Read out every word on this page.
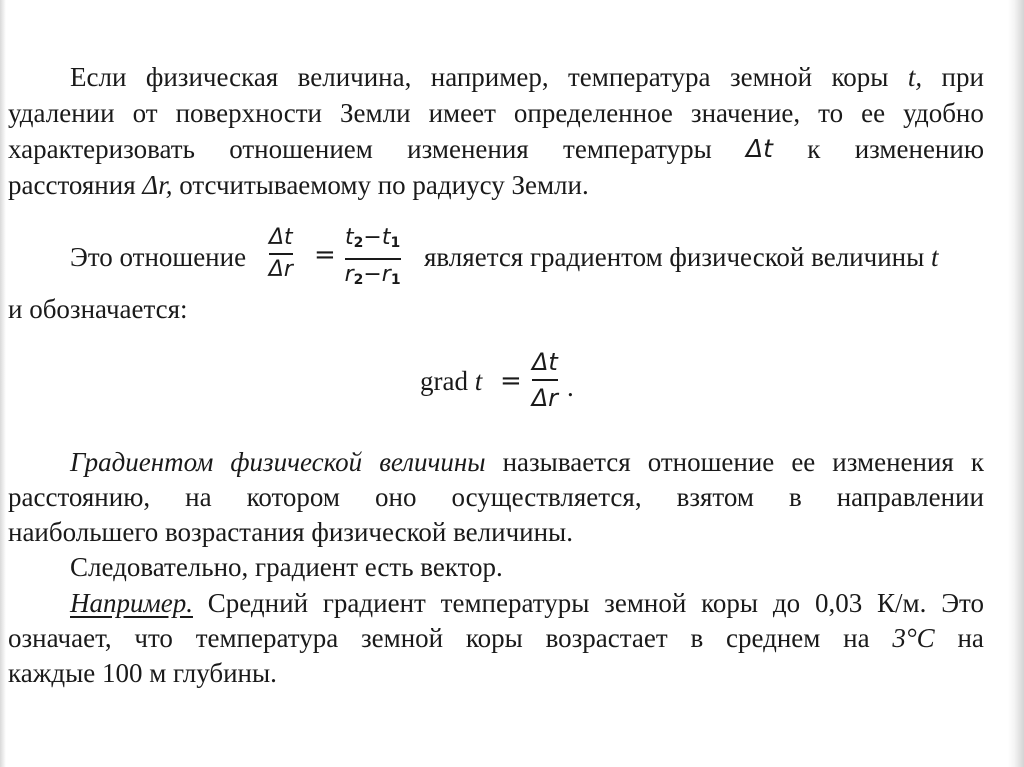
Если физическая величина, например, температура земной коры t, при
удалении от поверхности Земли имеет определенное значение, то ее удобно
характеризовать отношением изменения температуры Δt к изменению
расстояния Δr, отсчитываемому по радиусу Земли.
Это отношение $\frac{\Delta t}{\Delta r} = \frac{t_2-t_1}{r_2-r_1}$ является градиентом физической величины t
и обозначается:
grad $t = \frac{\Delta t}{\Delta r}$ .
Градиентом физической величины называется отношение ее изменения к
расстоянию, на котором оно осуществляется, взятом в направлении
наибольшего возрастания физической величины.
Следовательно, градиент есть вектор.
Например. Средний градиент температуры земной коры до 0,03 К/м. Это
означает, что температура земной коры возрастает в среднем на 3°С на
каждые 100 м глубины.
